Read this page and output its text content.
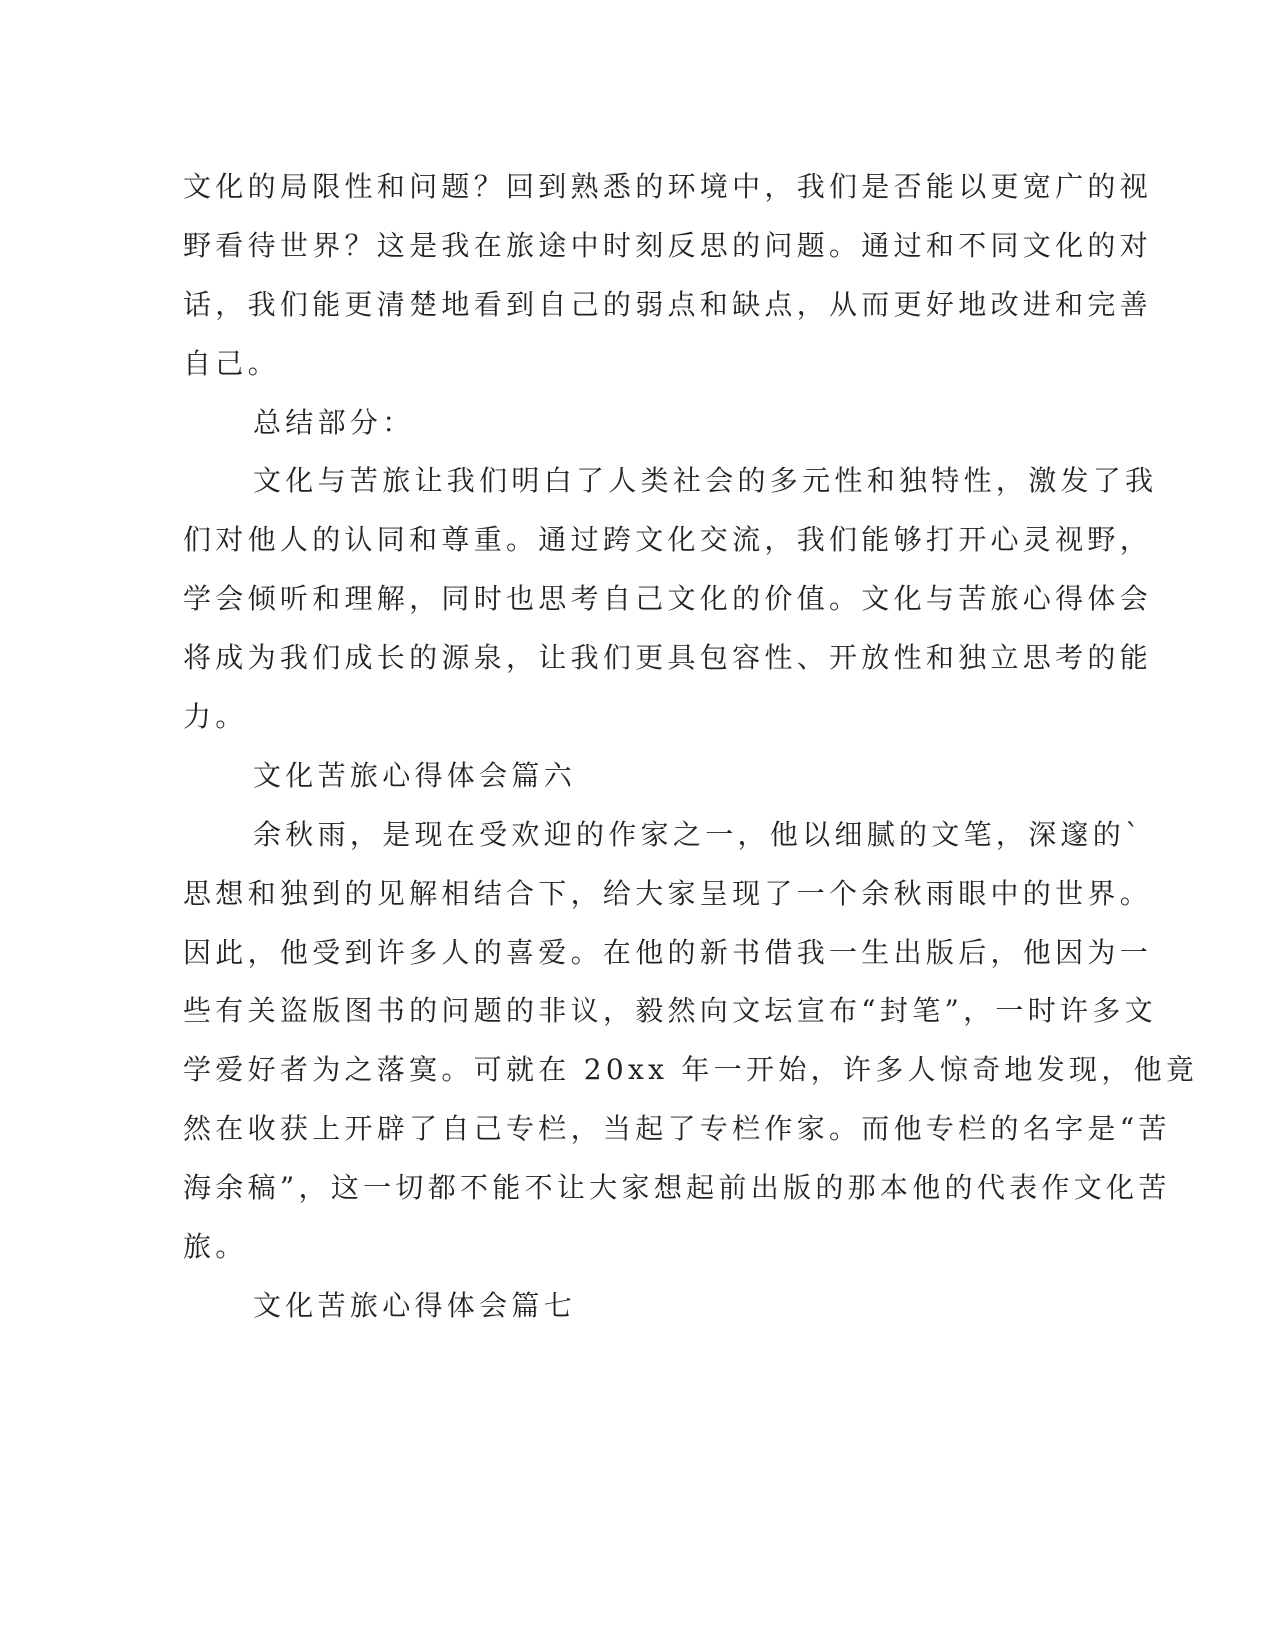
文化的局限性和问题？回到熟悉的环境中，我们是否能以更宽广的视
野看待世界？这是我在旅途中时刻反思的问题。通过和不同文化的对
话，我们能更清楚地看到自己的弱点和缺点，从而更好地改进和完善
自己。
总结部分：
文化与苦旅让我们明白了人类社会的多元性和独特性，激发了我
们对他人的认同和尊重。通过跨文化交流，我们能够打开心灵视野，
学会倾听和理解，同时也思考自己文化的价值。文化与苦旅心得体会
将成为我们成长的源泉，让我们更具包容性、开放性和独立思考的能
力。
文化苦旅心得体会篇六
余秋雨，是现在受欢迎的作家之一，他以细腻的文笔，深邃的`
思想和独到的见解相结合下，给大家呈现了一个余秋雨眼中的世界。
因此，他受到许多人的喜爱。在他的新书借我一生出版后，他因为一
些有关盗版图书的问题的非议，毅然向文坛宣布“封笔”，一时许多文
学爱好者为之落寞。可就在 20xx 年一开始，许多人惊奇地发现，他竟
然在收获上开辟了自己专栏，当起了专栏作家。而他专栏的名字是“苦
海余稿”，这一切都不能不让大家想起前出版的那本他的代表作文化苦
旅。
文化苦旅心得体会篇七
